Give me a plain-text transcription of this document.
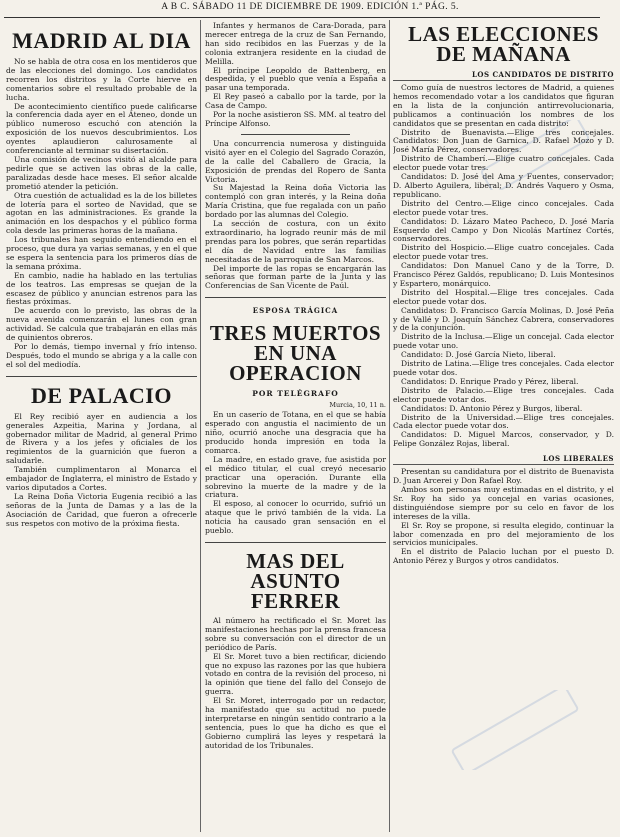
A B C. SÁBADO 11 DE DICIEMBRE DE 1909. EDICIÓN 1.ª PÁG. 5.
MADRID AL DIA

No se habla de otra cosa en los mentideros que de las elecciones del domingo. Los candidatos recorren los distritos y la Corte hierve en comentarios sobre el resultado probable de la lucha.

De acontecimiento científico puede calificarse la conferencia dada ayer en el Ateneo, donde un público numeroso escuchó con atención la exposición de los nuevos descubrimientos. Los oyentes aplaudieron calurosamente al conferenciante al terminar su disertación.

Una comisión de vecinos visitó al alcalde para pedirle que se activen las obras de la calle, paralizadas desde hace meses. El señor alcalde prometió atender la petición.

Otra cuestión de actualidad es la de los billetes de lotería para el sorteo de Navidad, que se agotan en las administraciones. Es grande la animación en los despachos y el público forma cola desde las primeras horas de la mañana.

Los tribunales han seguido entendiendo en el proceso, que dura ya varias semanas, y en el que se espera la sentencia para los primeros días de la semana próxima.

En cambio, nadie ha hablado en las tertulias de los teatros. Las empresas se quejan de la escasez de público y anuncian estrenos para las fiestas próximas.

De acuerdo con lo previsto, las obras de la nueva avenida comenzarán el lunes con gran actividad. Se calcula que trabajarán en ellas más de quinientos obreros.

Por lo demás, tiempo invernal y frío intenso. Después, todo el mundo se abriga y a la calle con el sol del mediodía.

DE PALACIO

El Rey recibió ayer en audiencia a los generales Azpeitia, Marina y Jordana, al gobernador militar de Madrid, al general Primo de Rivera y a los jefes y oficiales de los regimientos de la guarnición que fueron a saludarle.

También cumplimentaron al Monarca el embajador de Inglaterra, el ministro de Estado y varios diputados a Cortes.

La Reina Doña Victoria Eugenia recibió a las señoras de la Junta de Damas y a las de la Asociación de Caridad, que fueron a ofrecerle sus respetos con motivo de la próxima fiesta.

Infantes y hermanos de Cara-Dorada, para merecer entrega de la cruz de San Fernando, han sido recibidos en las Fuerzas y de la colonia extranjera residente en la ciudad de Melilla.

El príncipe Leopoldo de Battenberg, en despedida, y el pueblo que venía a España a pasar una temporada.

El Rey paseó a caballo por la tarde, por la Casa de Campo.

Por la noche asistieron SS. MM. al teatro del Príncipe Alfonso.

Una concurrencia numerosa y distinguida visitó ayer en el Colegio del Sagrado Corazón, de la calle del Caballero de Gracia, la Exposición de prendas del Ropero de Santa Victoria.

Su Majestad la Reina doña Victoria las contempló con gran interés, y la Reina doña María Cristina, que fue regalada con un paño bordado por las alumnas del Colegio.

La sección de costura, con un éxito extraordinario, ha logrado reunir más de mil prendas para los pobres, que serán repartidas el día de Navidad entre las familias necesitadas de la parroquia de San Marcos.

Del importe de las ropas se encargarán las señoras que forman parte de la Junta y las Conferencias de San Vicente de Paúl.

ESPOSA TRÁGICA
TRES MUERTOS EN UNA OPERACION
POR TELÉGRAFO
Murcia, 10, 11 n.

En un caserío de Totana, en el que se había esperado con angustia el nacimiento de un niño, ocurrió anoche una desgracia que ha producido honda impresión en toda la comarca.

La madre, en estado grave, fue asistida por el médico titular, el cual creyó necesario practicar una operación. Durante ella sobrevino la muerte de la madre y de la criatura.

El esposo, al conocer lo ocurrido, sufrió un ataque que le privó también de la vida. La noticia ha causado gran sensación en el pueblo.

MAS DEL ASUNTO FERRER

Al número ha rectificado el Sr. Moret las manifestaciones hechas por la prensa francesa sobre su conversación con el director de un periódico de París.

El Sr. Moret tuvo a bien rectificar, diciendo que no expuso las razones por las que hubiera votado en contra de la revisión del proceso, ni la opinión que tiene del fallo del Consejo de guerra.

El Sr. Moret, interrogado por un redactor, ha manifestado que su actitud no puede interpretarse en ningún sentido contrario a la sentencia, pues lo que ha dicho es que el Gobierno cumplirá las leyes y respetará la autoridad de los Tribunales.

LAS ELECCIONES DE MAÑANA
LOS CANDIDATOS DE DISTRITO

Como guía de nuestros lectores de Madrid, a quienes hemos recomendado votar a los candidatos que figuran en la lista de la conjunción antirrevolucionaria, publicamos a continuación los nombres de los candidatos que se presentan en cada distrito:

Distrito de Buenavista.—Elige tres concejales. Candidatos: Don Juan de Garnica, D. Rafael Mozo y D. José María Pérez, conservadores.

Distrito de Chamberí.—Elige cuatro concejales. Cada elector puede votar tres.

Candidatos: D. José del Ama y Fuentes, conservador; D. Alberto Aguilera, liberal; D. Andrés Vaquero y Osma, republicano.

Distrito del Centro.—Elige cinco concejales. Cada elector puede votar tres.

Candidatos: D. Lázaro Mateo Pacheco, D. José María Esquerdo del Campo y Don Nicolás Martínez Cortés, conservadores.

Distrito del Hospicio.—Elige cuatro concejales. Cada elector puede votar tres.

Candidatos: Don Manuel Cano y de la Torre, D. Francisco Pérez Galdós, republicano; D. Luis Montesinos y Espartero, monárquico.

Distrito del Hospital.—Elige tres concejales. Cada elector puede votar dos.

Candidatos: D. Francisco García Molinas, D. José Peña y de Vallé y D. Joaquín Sánchez Cabrera, conservadores y de la conjunción.

Distrito de la Inclusa.—Elige un concejal. Cada elector puede votar uno.

Candidato: D. José García Nieto, liberal.

Distrito de Latina.—Elige tres concejales. Cada elector puede votar dos.

Candidatos: D. Enrique Prado y Pérez, liberal.

Distrito de Palacio.—Elige tres concejales. Cada elector puede votar dos.

Candidatos: D. Antonio Pérez y Burgos, liberal.

Distrito de la Universidad.—Elige tres concejales. Cada elector puede votar dos.

Candidatos: D. Miguel Marcos, conservador, y D. Felipe González Rojas, liberal.

LOS LIBERALES

Presentan su candidatura por el distrito de Buenavista D. Juan Arcerei y Don Rafael Roy.

Ambos son personas muy estimadas en el distrito, y el Sr. Roy ha sido ya concejal en varias ocasiones, distinguiéndose siempre por su celo en favor de los intereses de la villa.

El Sr. Roy se propone, si resulta elegido, continuar la labor comenzada en pro del mejoramiento de los servicios municipales.

En el distrito de Palacio luchan por el puesto D. Antonio Pérez y Burgos y otros candidatos.
